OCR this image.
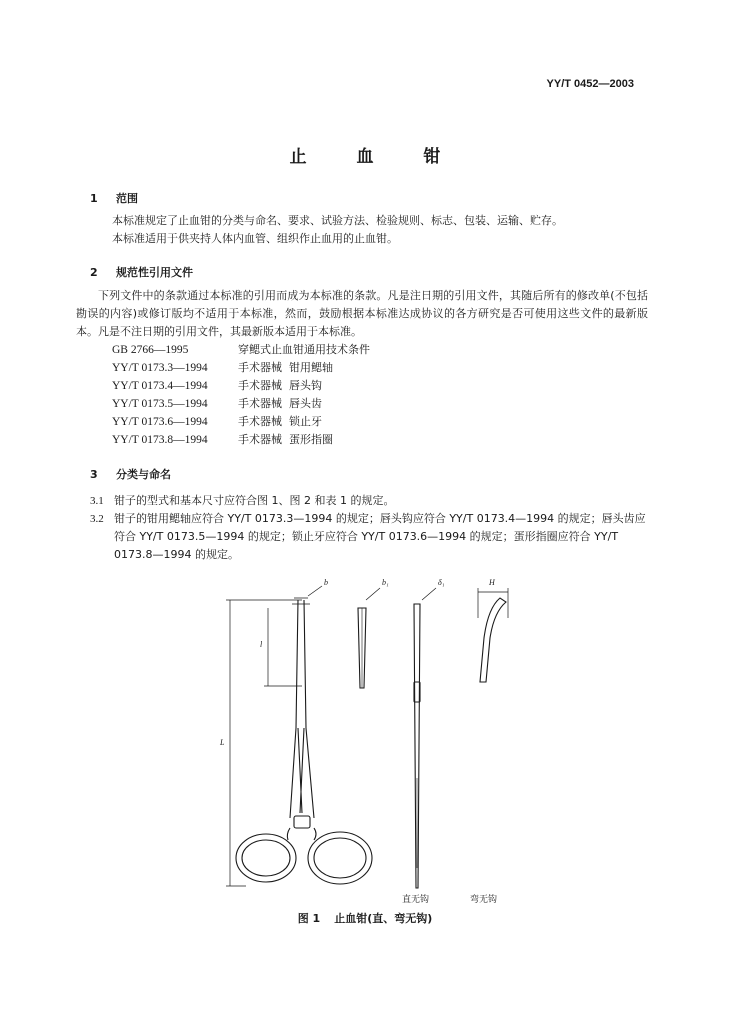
YY/T 0452—2003
止 血 钳
1	范围
本标准规定了止血钳的分类与命名、要求、试验方法、检验规则、标志、包装、运输、贮存。
本标准适用于供夹持人体内血管、组织作止血用的止血钳。
2	规范性引用文件
下列文件中的条款通过本标准的引用而成为本标准的条款。凡是注日期的引用文件，其随后所有的修改单(不包括勘误的内容)或修订版均不适用于本标准，然而，鼓励根据本标准达成协议的各方研究是否可使用这些文件的最新版本。凡是不注日期的引用文件，其最新版本适用于本标准。
GB 2766—1995	穿鳃式止血钳通用技术条件
YY/T 0173.3—1994	手术器械  钳用鳃轴
YY/T 0173.4—1994	手术器械  唇头钩
YY/T 0173.5—1994	手术器械  唇头齿
YY/T 0173.6—1994	手术器械  锁止牙
YY/T 0173.8—1994	手术器械  蛋形指圈
3	分类与命名
3.1 钳子的型式和基本尺寸应符合图 1、图 2 和表 1 的规定。
3.2 钳子的钳用鳃轴应符合 YY/T 0173.3—1994 的规定；唇头钩应符合 YY/T 0173.4—1994 的规定；唇头齿应符合 YY/T 0173.5—1994 的规定；锁止牙应符合 YY/T 0173.6—1994 的规定；蛋形指圈应符合 YY/T 0173.8—1994 的规定。
L
l
b	b₁	δ₁	H
直无钩	弯无钩
图 1 止血钳(直、弯无钩)
